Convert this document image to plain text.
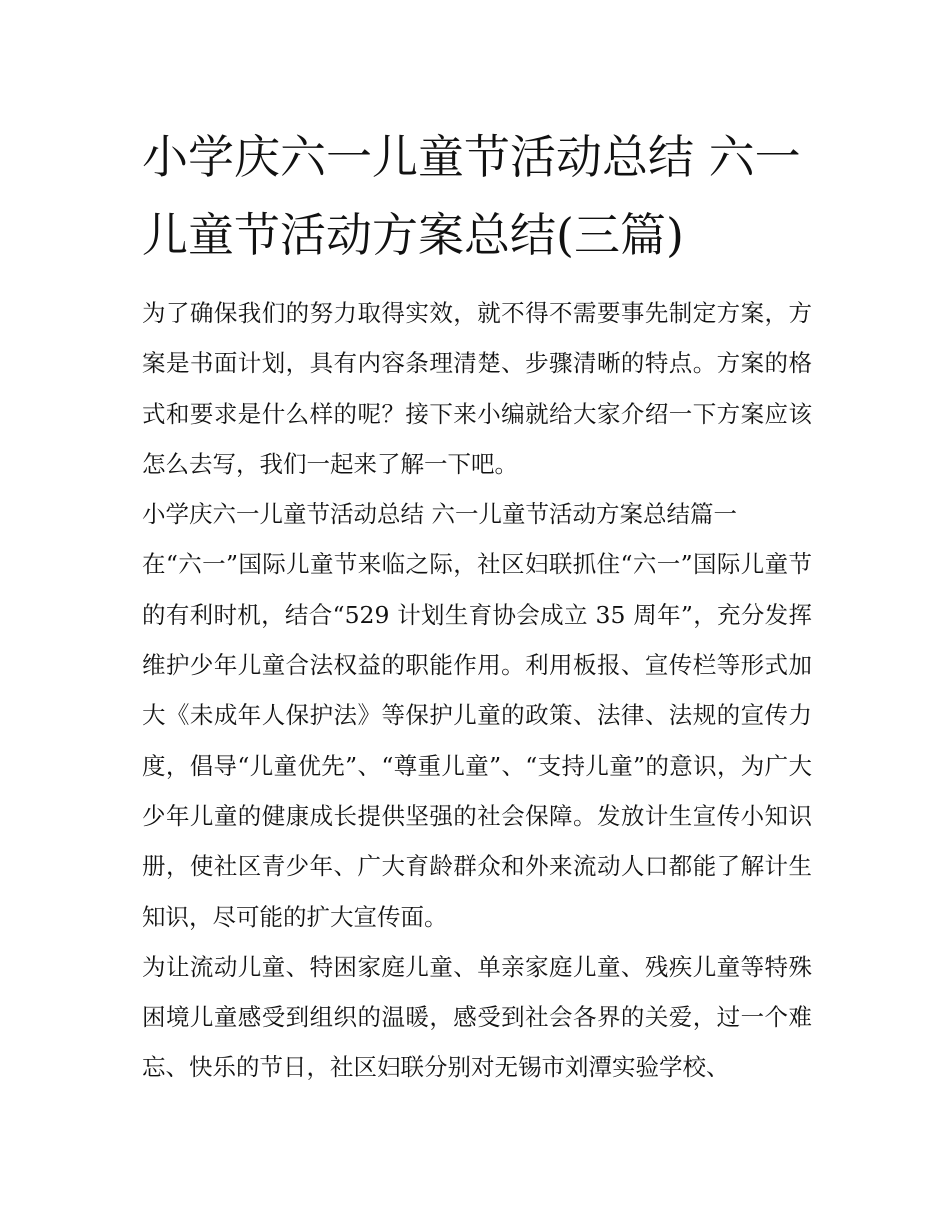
小学庆六一儿童节活动总结 六一儿童节活动方案总结(三篇)

为了确保我们的努力取得实效，就不得不需要事先制定方案，方案是书面计划，具有内容条理清楚、步骤清晰的特点。方案的格式和要求是什么样的呢？接下来小编就给大家介绍一下方案应该怎么去写，我们一起来了解一下吧。

小学庆六一儿童节活动总结 六一儿童节活动方案总结篇一

在“六一”国际儿童节来临之际，社区妇联抓住“六一”国际儿童节的有利时机，结合“529 计划生育协会成立 35 周年”，充分发挥维护少年儿童合法权益的职能作用。利用板报、宣传栏等形式加大《未成年人保护法》等保护儿童的政策、法律、法规的宣传力度，倡导“儿童优先”、“尊重儿童”、“支持儿童”的意识，为广大少年儿童的健康成长提供坚强的社会保障。发放计生宣传小知识册，使社区青少年、广大育龄群众和外来流动人口都能了解计生知识，尽可能的扩大宣传面。

为让流动儿童、特困家庭儿童、单亲家庭儿童、残疾儿童等特殊困境儿童感受到组织的温暖，感受到社会各界的关爱，过一个难忘、快乐的节日，社区妇联分别对无锡市刘潭实验学校、
